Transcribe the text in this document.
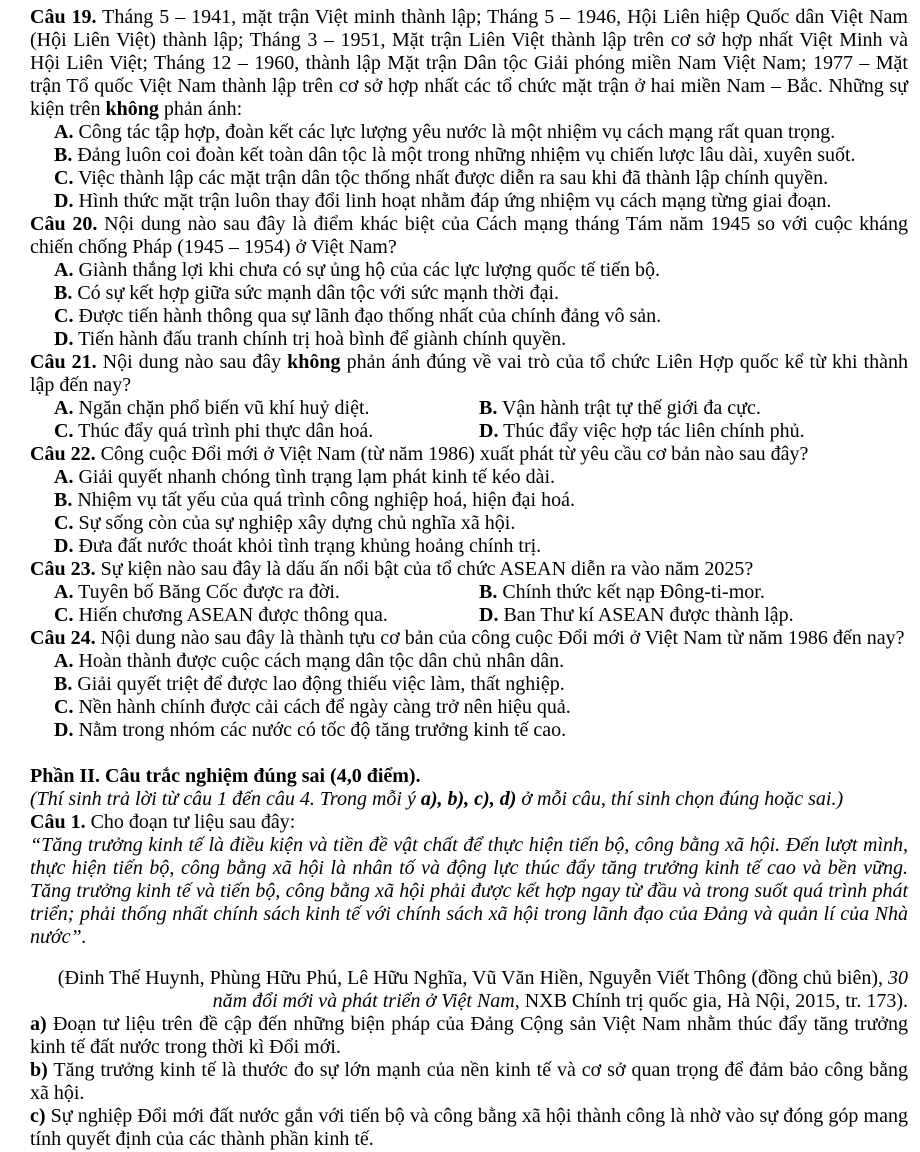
Câu 19. Tháng 5 – 1941, mặt trận Việt minh thành lập; Tháng 5 – 1946, Hội Liên hiệp Quốc dân Việt Nam (Hội Liên Việt) thành lập; Tháng 3 – 1951, Mặt trận Liên Việt thành lập trên cơ sở hợp nhất Việt Minh và Hội Liên Việt; Tháng 12 – 1960, thành lập Mặt trận Dân tộc Giải phóng miền Nam Việt Nam; 1977 – Mặt trận Tổ quốc Việt Nam thành lập trên cơ sở hợp nhất các tổ chức mặt trận ở hai miền Nam – Bắc. Những sự kiện trên không phản ánh:

A. Công tác tập hợp, đoàn kết các lực lượng yêu nước là một nhiệm vụ cách mạng rất quan trọng.
B. Đảng luôn coi đoàn kết toàn dân tộc là một trong những nhiệm vụ chiến lược lâu dài, xuyên suốt.
C. Việc thành lập các mặt trận dân tộc thống nhất được diễn ra sau khi đã thành lập chính quyền.
D. Hình thức mặt trận luôn thay đổi linh hoạt nhằm đáp ứng nhiệm vụ cách mạng từng giai đoạn.

Câu 20. Nội dung nào sau đây là điểm khác biệt của Cách mạng tháng Tám năm 1945 so với cuộc kháng chiến chống Pháp (1945 – 1954) ở Việt Nam?

A. Giành thắng lợi khi chưa có sự ủng hộ của các lực lượng quốc tế tiến bộ.
B. Có sự kết hợp giữa sức mạnh dân tộc với sức mạnh thời đại.
C. Được tiến hành thông qua sự lãnh đạo thống nhất của chính đảng vô sản.
D. Tiến hành đấu tranh chính trị hoà bình để giành chính quyền.

Câu 21. Nội dung nào sau đây không phản ánh đúng về vai trò của tổ chức Liên Hợp quốc kể từ khi thành lập đến nay?

A. Ngăn chặn phổ biến vũ khí huỷ diệt.	B. Vận hành trật tự thế giới đa cực.
C. Thúc đẩy quá trình phi thực dân hoá.	D. Thúc đẩy việc hợp tác liên chính phủ.

Câu 22. Công cuộc Đổi mới ở Việt Nam (từ năm 1986) xuất phát từ yêu cầu cơ bản nào sau đây?

A. Giải quyết nhanh chóng tình trạng lạm phát kinh tế kéo dài.
B. Nhiệm vụ tất yếu của quá trình công nghiệp hoá, hiện đại hoá.
C. Sự sống còn của sự nghiệp xây dựng chủ nghĩa xã hội.
D. Đưa đất nước thoát khỏi tình trạng khủng hoảng chính trị.

Câu 23. Sự kiện nào sau đây là dấu ấn nổi bật của tổ chức ASEAN diễn ra vào năm 2025?

A. Tuyên bố Băng Cốc được ra đời.	B. Chính thức kết nạp Đông-ti-mor.
C. Hiến chương ASEAN được thông qua.	D. Ban Thư kí ASEAN được thành lập.

Câu 24. Nội dung nào sau đây là thành tựu cơ bản của công cuộc Đổi mới ở Việt Nam từ năm 1986 đến nay?

A. Hoàn thành được cuộc cách mạng dân tộc dân chủ nhân dân.
B. Giải quyết triệt để được lao động thiếu việc làm, thất nghiệp.
C. Nền hành chính được cải cách để ngày càng trở nên hiệu quả.
D. Nằm trong nhóm các nước có tốc độ tăng trưởng kinh tế cao.

Phần II. Câu trắc nghiệm đúng sai (4,0 điểm).

(Thí sinh trả lời từ câu 1 đến câu 4. Trong mỗi ý a), b), c), d) ở mỗi câu, thí sinh chọn đúng hoặc sai.)

Câu 1. Cho đoạn tư liệu sau đây:

“Tăng trưởng kinh tế là điều kiện và tiền đề vật chất để thực hiện tiến bộ, công bằng xã hội. Đến lượt mình, thực hiện tiến bộ, công bằng xã hội là nhân tố và động lực thúc đẩy tăng trưởng kinh tế cao và bền vững. Tăng trưởng kinh tế và tiến bộ, công bằng xã hội phải được kết hợp ngay từ đầu và trong suốt quá trình phát triển; phải thống nhất chính sách kinh tế với chính sách xã hội trong lãnh đạo của Đảng và quản lí của Nhà nước”.

(Đinh Thế Huynh, Phùng Hữu Phú, Lê Hữu Nghĩa, Vũ Văn Hiền, Nguyễn Viết Thông (đồng chủ biên), 30 năm đổi mới và phát triển ở Việt Nam, NXB Chính trị quốc gia, Hà Nội, 2015, tr. 173).

a) Đoạn tư liệu trên đề cập đến những biện pháp của Đảng Cộng sản Việt Nam nhằm thúc đẩy tăng trưởng kinh tế đất nước trong thời kì Đổi mới.

b) Tăng trưởng kinh tế là thước đo sự lớn mạnh của nền kinh tế và cơ sở quan trọng để đảm bảo công bằng xã hội.

c) Sự nghiệp Đổi mới đất nước gắn với tiến bộ và công bằng xã hội thành công là nhờ vào sự đóng góp mang tính quyết định của các thành phần kinh tế.
